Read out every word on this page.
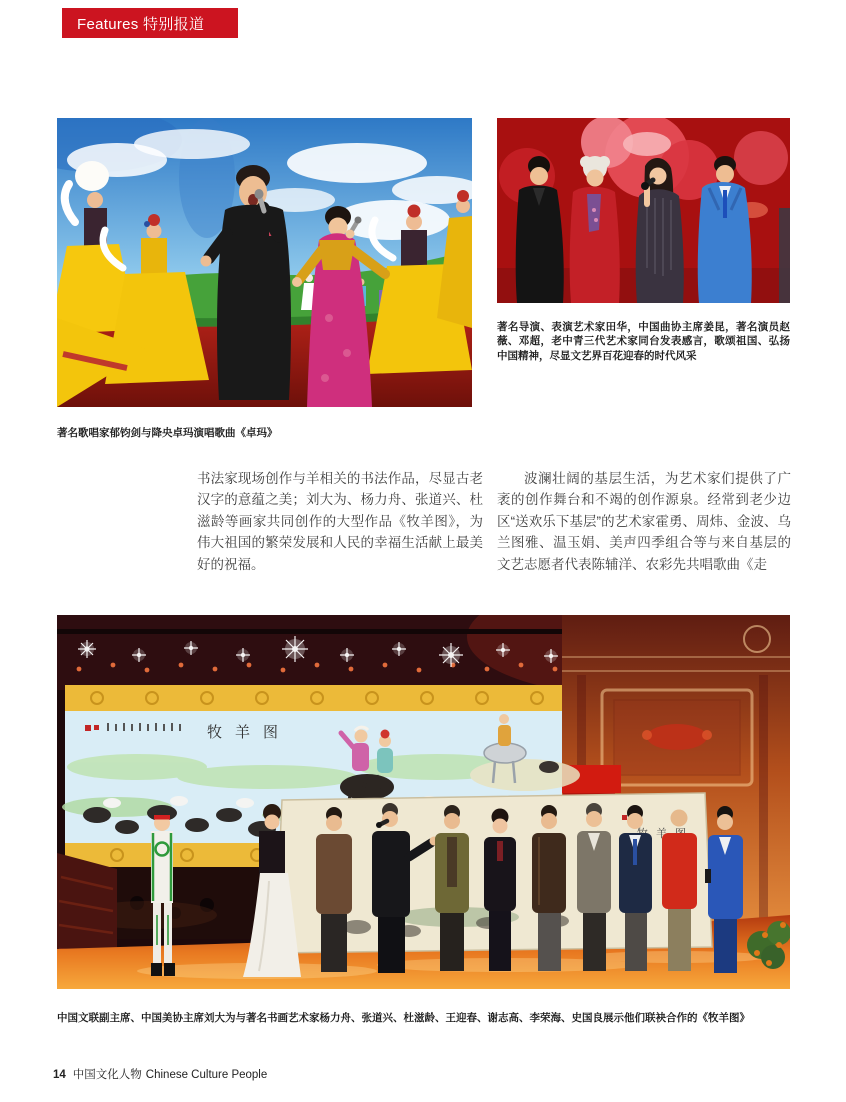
Features 特别报道

著名导演、表演艺术家田华，中国曲协主席姜昆，著名演员赵薇、邓超，老中青三代艺术家同台发表感言，歌颂祖国、弘扬中国精神，尽显文艺界百花迎春的时代风采

著名歌唱家郁钧剑与降央卓玛演唱歌曲《卓玛》

书法家现场创作与羊相关的书法作品，尽显古老汉字的意蕴之美；刘大为、杨力舟、张道兴、杜滋龄等画家共同创作的大型作品《牧羊图》，为伟大祖国的繁荣发展和人民的幸福生活献上最美好的祝福。

波澜壮阔的基层生活，为艺术家们提供了广袤的创作舞台和不竭的创作源泉。经常到老少边区“送欢乐下基层”的艺术家霍勇、周炜、金波、乌兰图雅、温玉娟、美声四季组合等与来自基层的文艺志愿者代表陈辅洋、农彩先共唱歌曲《走

牧羊图

中国文联副主席、中国美协主席刘大为与著名书画艺术家杨力舟、张道兴、杜滋龄、王迎春、谢志高、李荣海、史国良展示他们联袂合作的《牧羊图》

14 中国文化人物 Chinese Culture People
